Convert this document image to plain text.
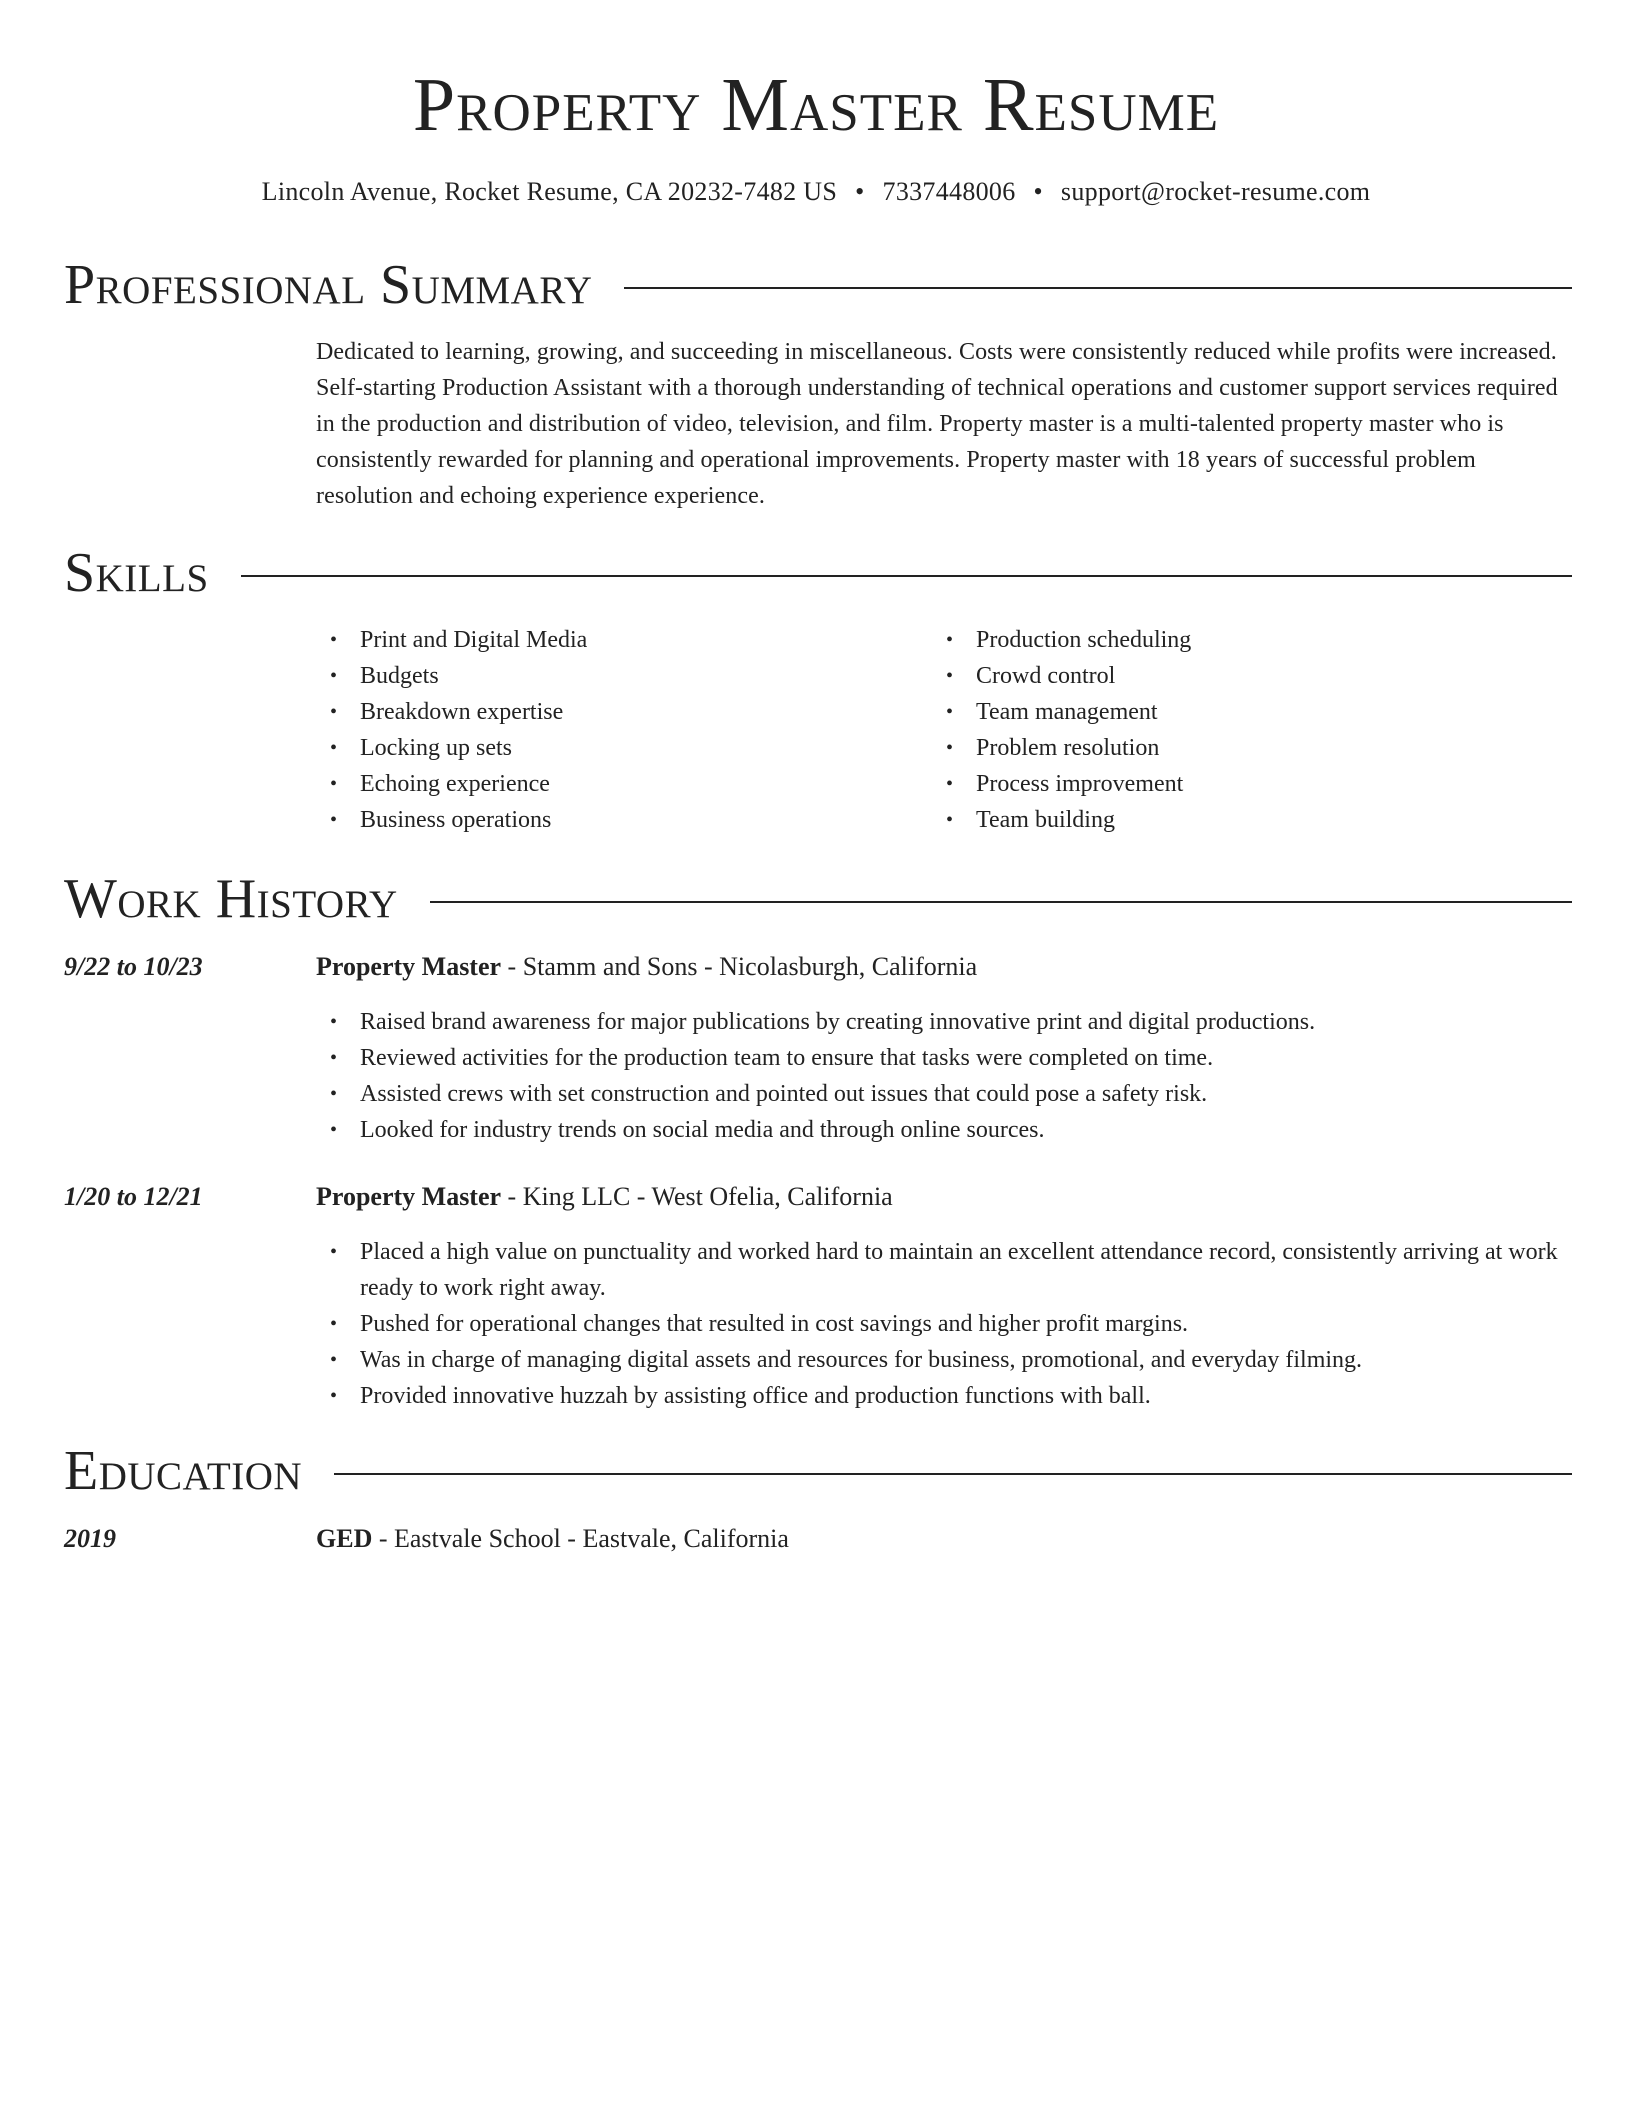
Property Master Resume
Lincoln Avenue, Rocket Resume, CA 20232-7482 US • 7337448006 • support@rocket-resume.com
Professional Summary

Dedicated to learning, growing, and succeeding in miscellaneous. Costs were consistently reduced while profits were increased. Self-starting Production Assistant with a thorough understanding of technical operations and customer support services required in the production and distribution of video, television, and film. Property master is a multi-talented property master who is consistently rewarded for planning and operational improvements. Property master with 18 years of successful problem resolution and echoing experience experience.

Skills
• Print and Digital Media
• Budgets
• Breakdown expertise
• Locking up sets
• Echoing experience
• Business operations
• Production scheduling
• Crowd control
• Team management
• Problem resolution
• Process improvement
• Team building
Work History
9/22 to 10/23	Property Master - Stamm and Sons - Nicolasburgh, California
• Raised brand awareness for major publications by creating innovative print and digital productions.
• Reviewed activities for the production team to ensure that tasks were completed on time.
• Assisted crews with set construction and pointed out issues that could pose a safety risk.
• Looked for industry trends on social media and through online sources.
1/20 to 12/21	Property Master - King LLC - West Ofelia, California
• Placed a high value on punctuality and worked hard to maintain an excellent attendance record, consistently arriving at work ready to work right away.
• Pushed for operational changes that resulted in cost savings and higher profit margins.
• Was in charge of managing digital assets and resources for business, promotional, and everyday filming.
• Provided innovative huzzah by assisting office and production functions with ball.
Education
2019	GED - Eastvale School - Eastvale, California
